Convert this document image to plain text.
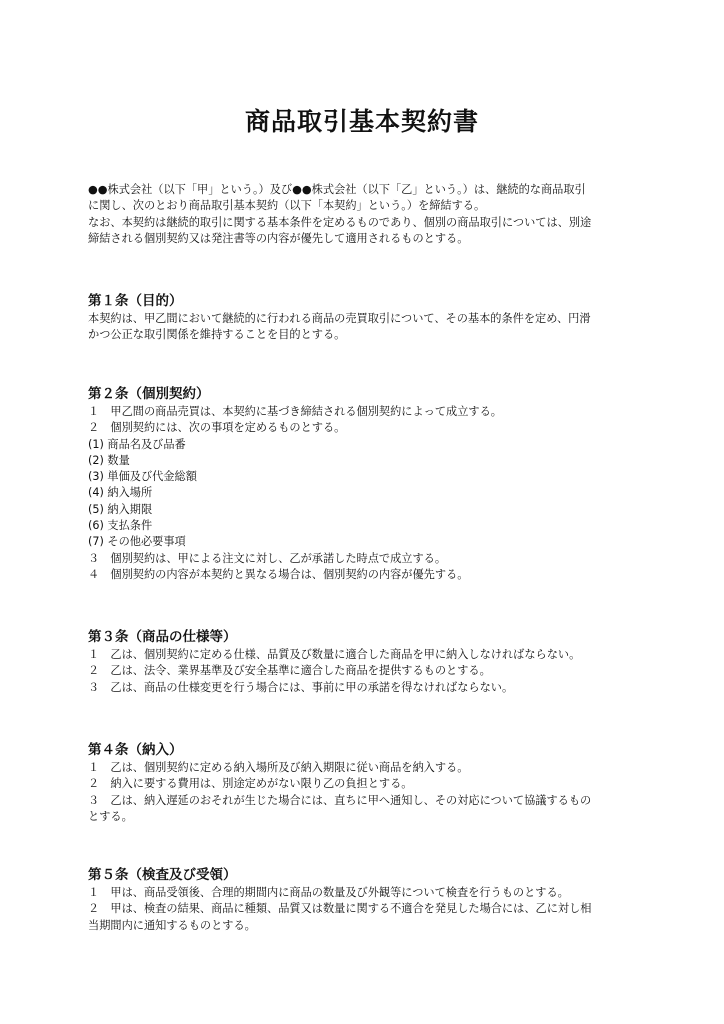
商品取引基本契約書
●●株式会社（以下「甲」という。）及び●●株式会社（以下「乙」という。）は、継続的な商品取引
に関し、次のとおり商品取引基本契約（以下「本契約」という。）を締結する。
なお、本契約は継続的取引に関する基本条件を定めるものであり、個別の商品取引については、別途
締結される個別契約又は発注書等の内容が優先して適用されるものとする。
第１条（目的）
本契約は、甲乙間において継続的に行われる商品の売買取引について、その基本的条件を定め、円滑
かつ公正な取引関係を維持することを目的とする。
第２条（個別契約）
１　甲乙間の商品売買は、本契約に基づき締結される個別契約によって成立する。
２　個別契約には、次の事項を定めるものとする。
(1) 商品名及び品番
(2) 数量
(3) 単価及び代金総額
(4) 納入場所
(5) 納入期限
(6) 支払条件
(7) その他必要事項
３　個別契約は、甲による注文に対し、乙が承諾した時点で成立する。
４　個別契約の内容が本契約と異なる場合は、個別契約の内容が優先する。
第３条（商品の仕様等）
１　乙は、個別契約に定める仕様、品質及び数量に適合した商品を甲に納入しなければならない。
２　乙は、法令、業界基準及び安全基準に適合した商品を提供するものとする。
３　乙は、商品の仕様変更を行う場合には、事前に甲の承諾を得なければならない。
第４条（納入）
１　乙は、個別契約に定める納入場所及び納入期限に従い商品を納入する。
２　納入に要する費用は、別途定めがない限り乙の負担とする。
３　乙は、納入遅延のおそれが生じた場合には、直ちに甲へ通知し、その対応について協議するもの
とする。
第５条（検査及び受領）
１　甲は、商品受領後、合理的期間内に商品の数量及び外観等について検査を行うものとする。
２　甲は、検査の結果、商品に種類、品質又は数量に関する不適合を発見した場合には、乙に対し相
当期間内に通知するものとする。
